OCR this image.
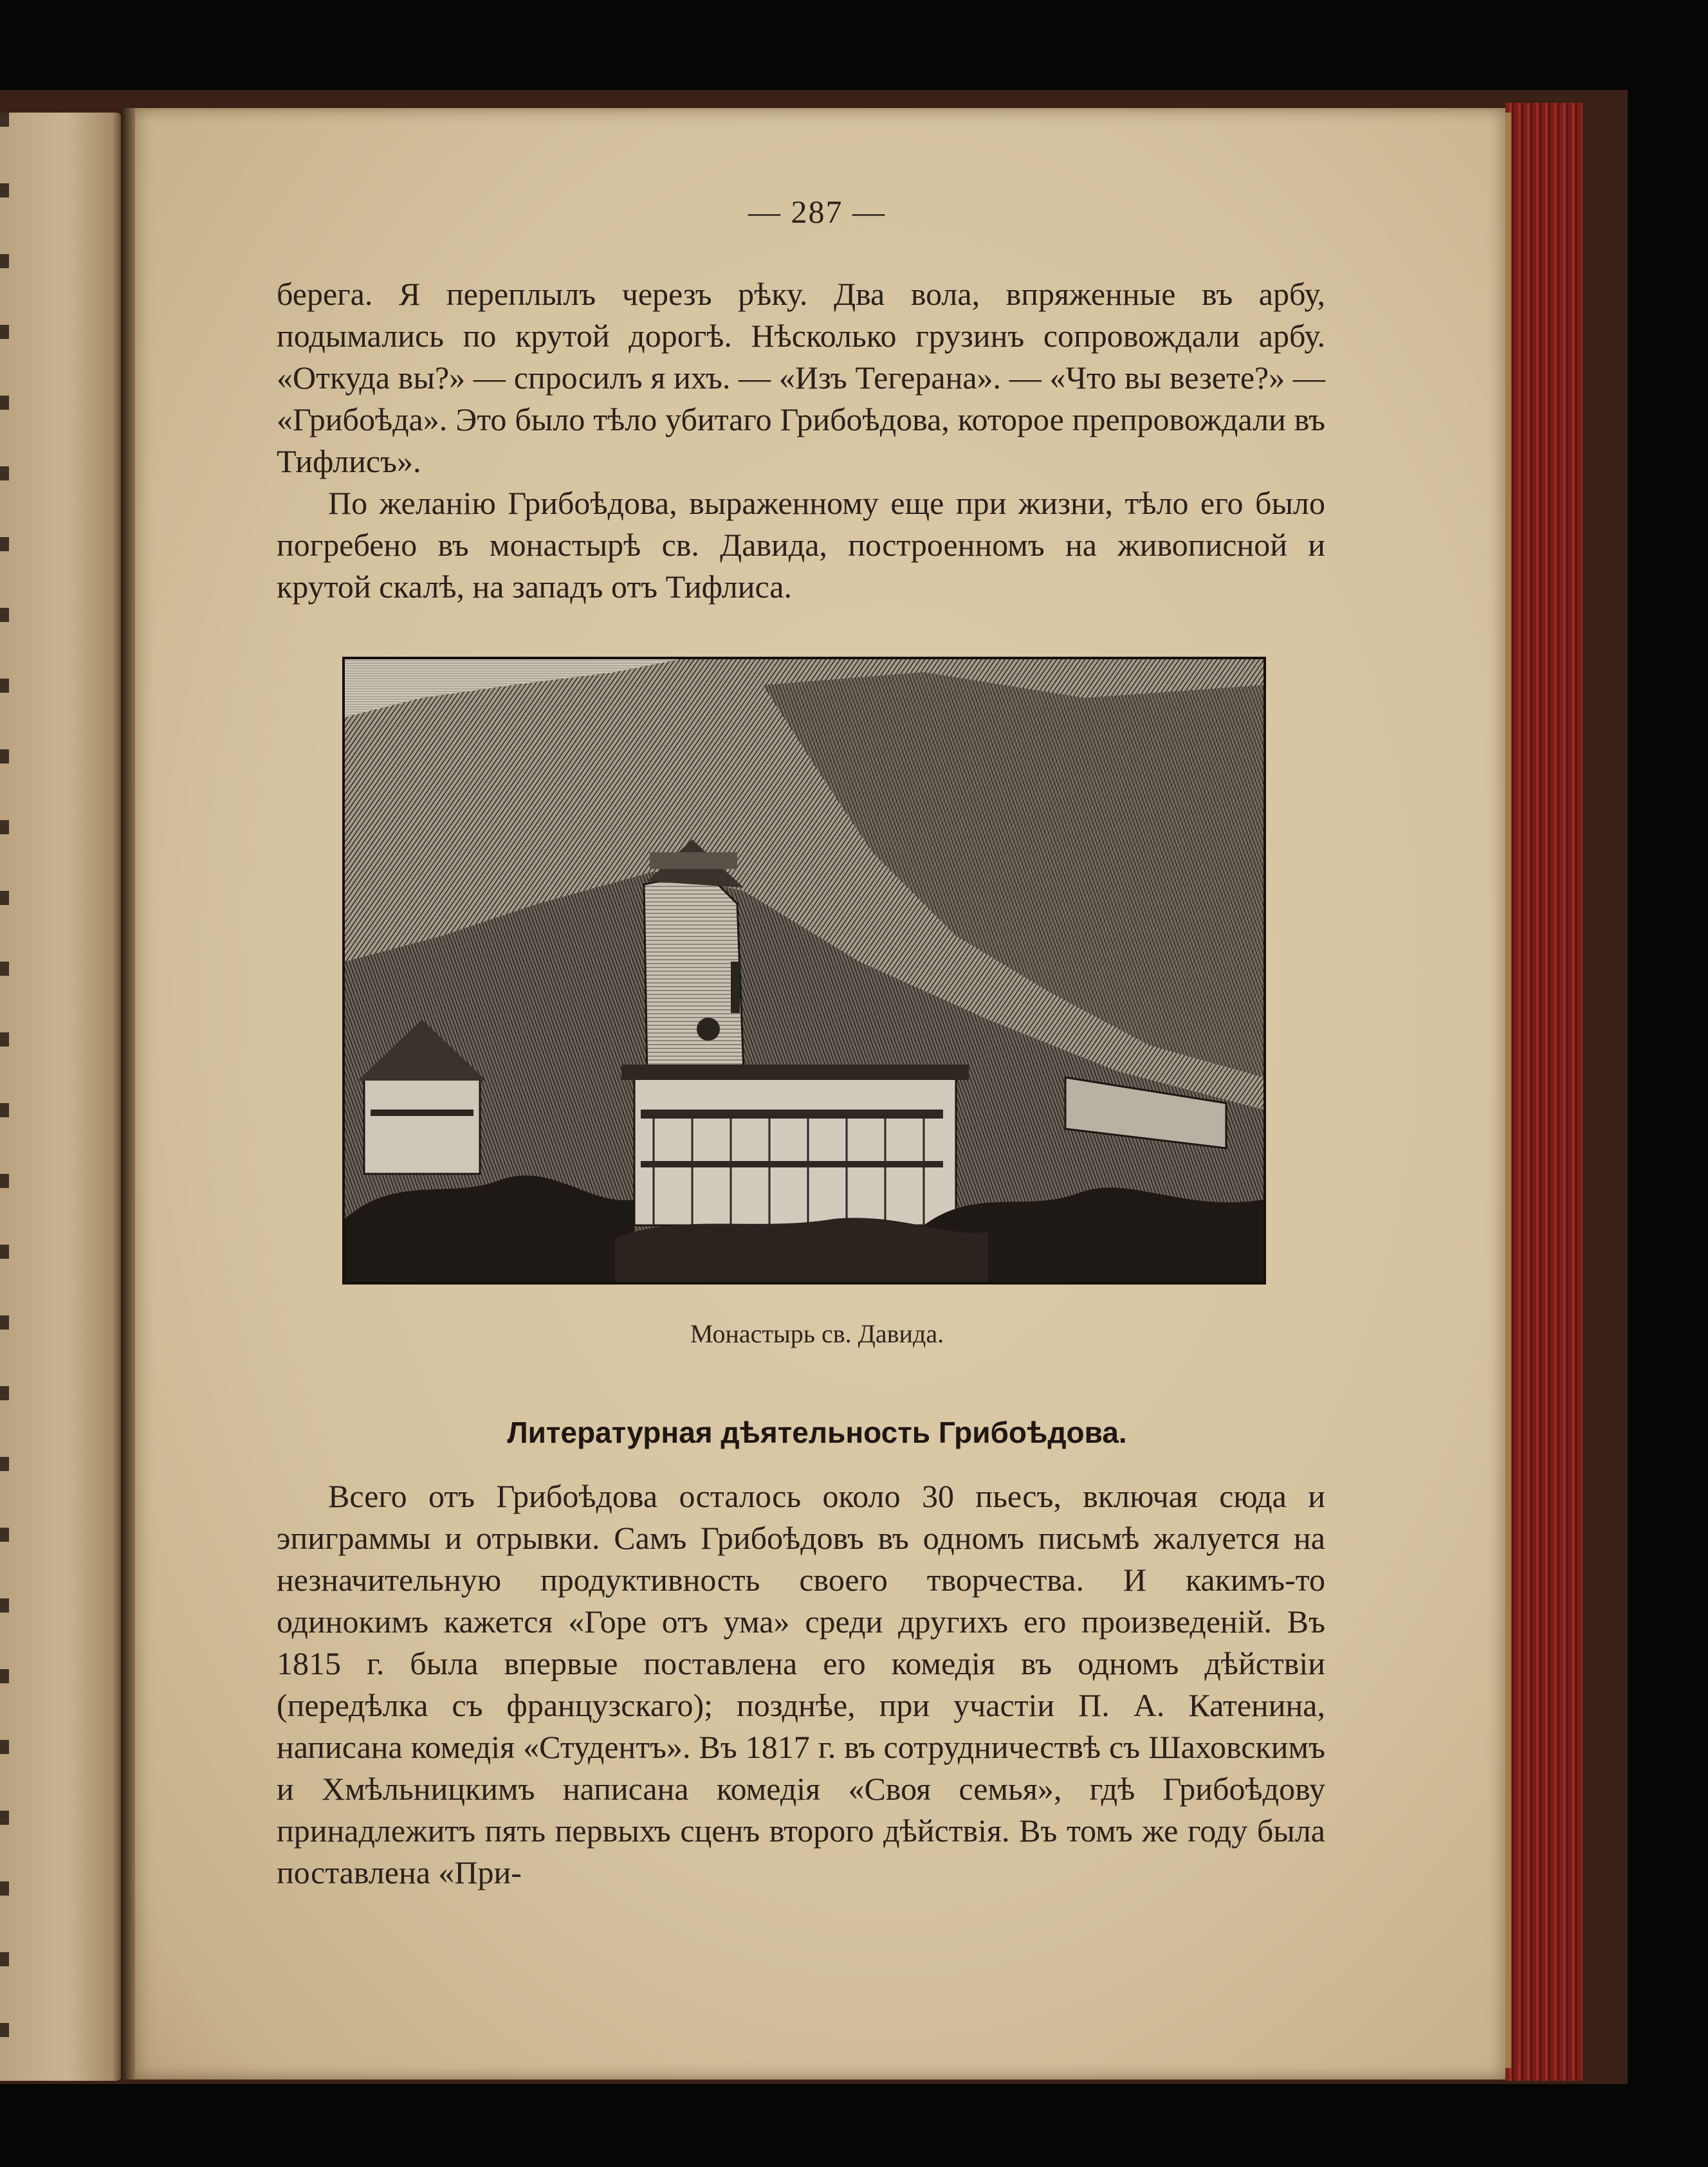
— 287 —

берега. Я переплылъ черезъ рѣку. Два вола, впряженные въ арбу, подымались по крутой дорогѣ. Нѣсколько грузинъ сопровождали арбу. «Откуда вы?» — спросилъ я ихъ. — «Изъ Тегерана». — «Что вы везете?» — «Грибоѣда». Это было тѣло убитаго Грибоѣдова, которое препровождали въ Тифлисъ».

По желанію Грибоѣдова, выраженному еще при жизни, тѣло его было погребено въ монастырѣ св. Давида, построенномъ на живописной и крутой скалѣ, на западъ отъ Тифлиса.

Монастырь св. Давида.
Литературная дѣятельность Грибоѣдова.

Всего отъ Грибоѣдова осталось около 30 пьесъ, включая сюда и эпиграммы и отрывки. Самъ Грибоѣдовъ въ одномъ письмѣ жалуется на незначительную продуктивность своего творчества. И какимъ-то одинокимъ кажется «Горе отъ ума» среди другихъ его произведеній. Въ 1815 г. была впервые поставлена его комедія въ одномъ дѣйствіи (передѣлка съ французскаго); позднѣе, при участіи П. А. Катенина, написана комедія «Студентъ». Въ 1817 г. въ сотрудничествѣ съ Шаховскимъ и Хмѣльницкимъ написана комедія «Своя семья», гдѣ Грибоѣдову принадлежитъ пять первыхъ сценъ второго дѣйствія. Въ томъ же году была поставлена «При-
